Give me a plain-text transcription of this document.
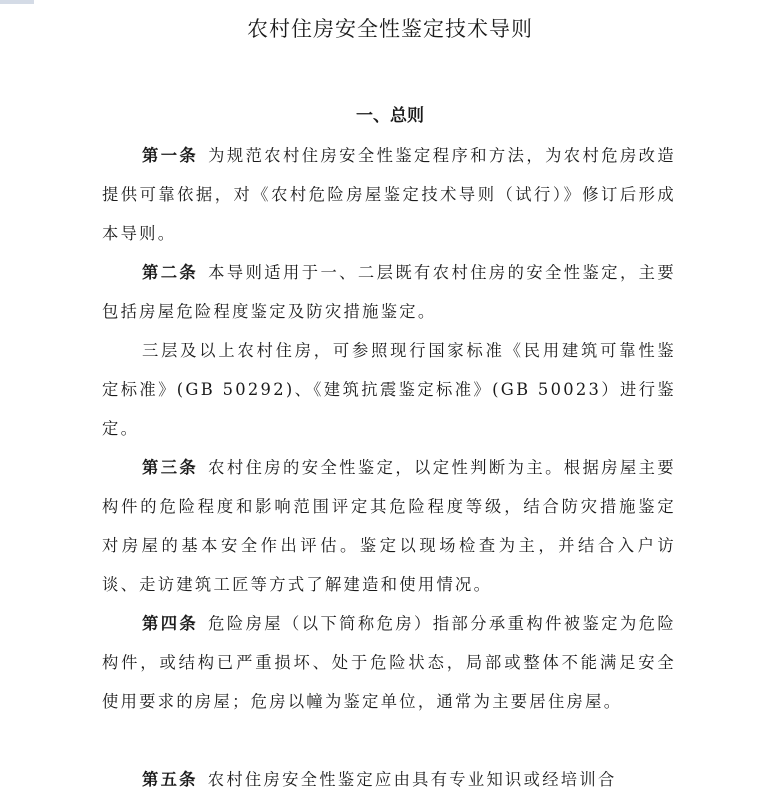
农村住房安全性鉴定技术导则
一、总则

第一条 为规范农村住房安全性鉴定程序和方法，为农村危房改造提供可靠依据，对《农村危险房屋鉴定技术导则（试行）》修订后形成本导则。

第二条 本导则适用于一、二层既有农村住房的安全性鉴定，主要包括房屋危险程度鉴定及防灾措施鉴定。

三层及以上农村住房，可参照现行国家标准《民用建筑可靠性鉴定标准》(GB 50292)、《建筑抗震鉴定标准》(GB 50023）进行鉴定。

第三条 农村住房的安全性鉴定，以定性判断为主。根据房屋主要构件的危险程度和影响范围评定其危险程度等级，结合防灾措施鉴定对房屋的基本安全作出评估。鉴定以现场检查为主，并结合入户访谈、走访建筑工匠等方式了解建造和使用情况。

第四条 危险房屋（以下简称危房）指部分承重构件被鉴定为危险构件，或结构已严重损坏、处于危险状态，局部或整体不能满足安全使用要求的房屋；危房以幢为鉴定单位，通常为主要居住房屋。

第五条 农村住房安全性鉴定应由具有专业知识或经培训合
